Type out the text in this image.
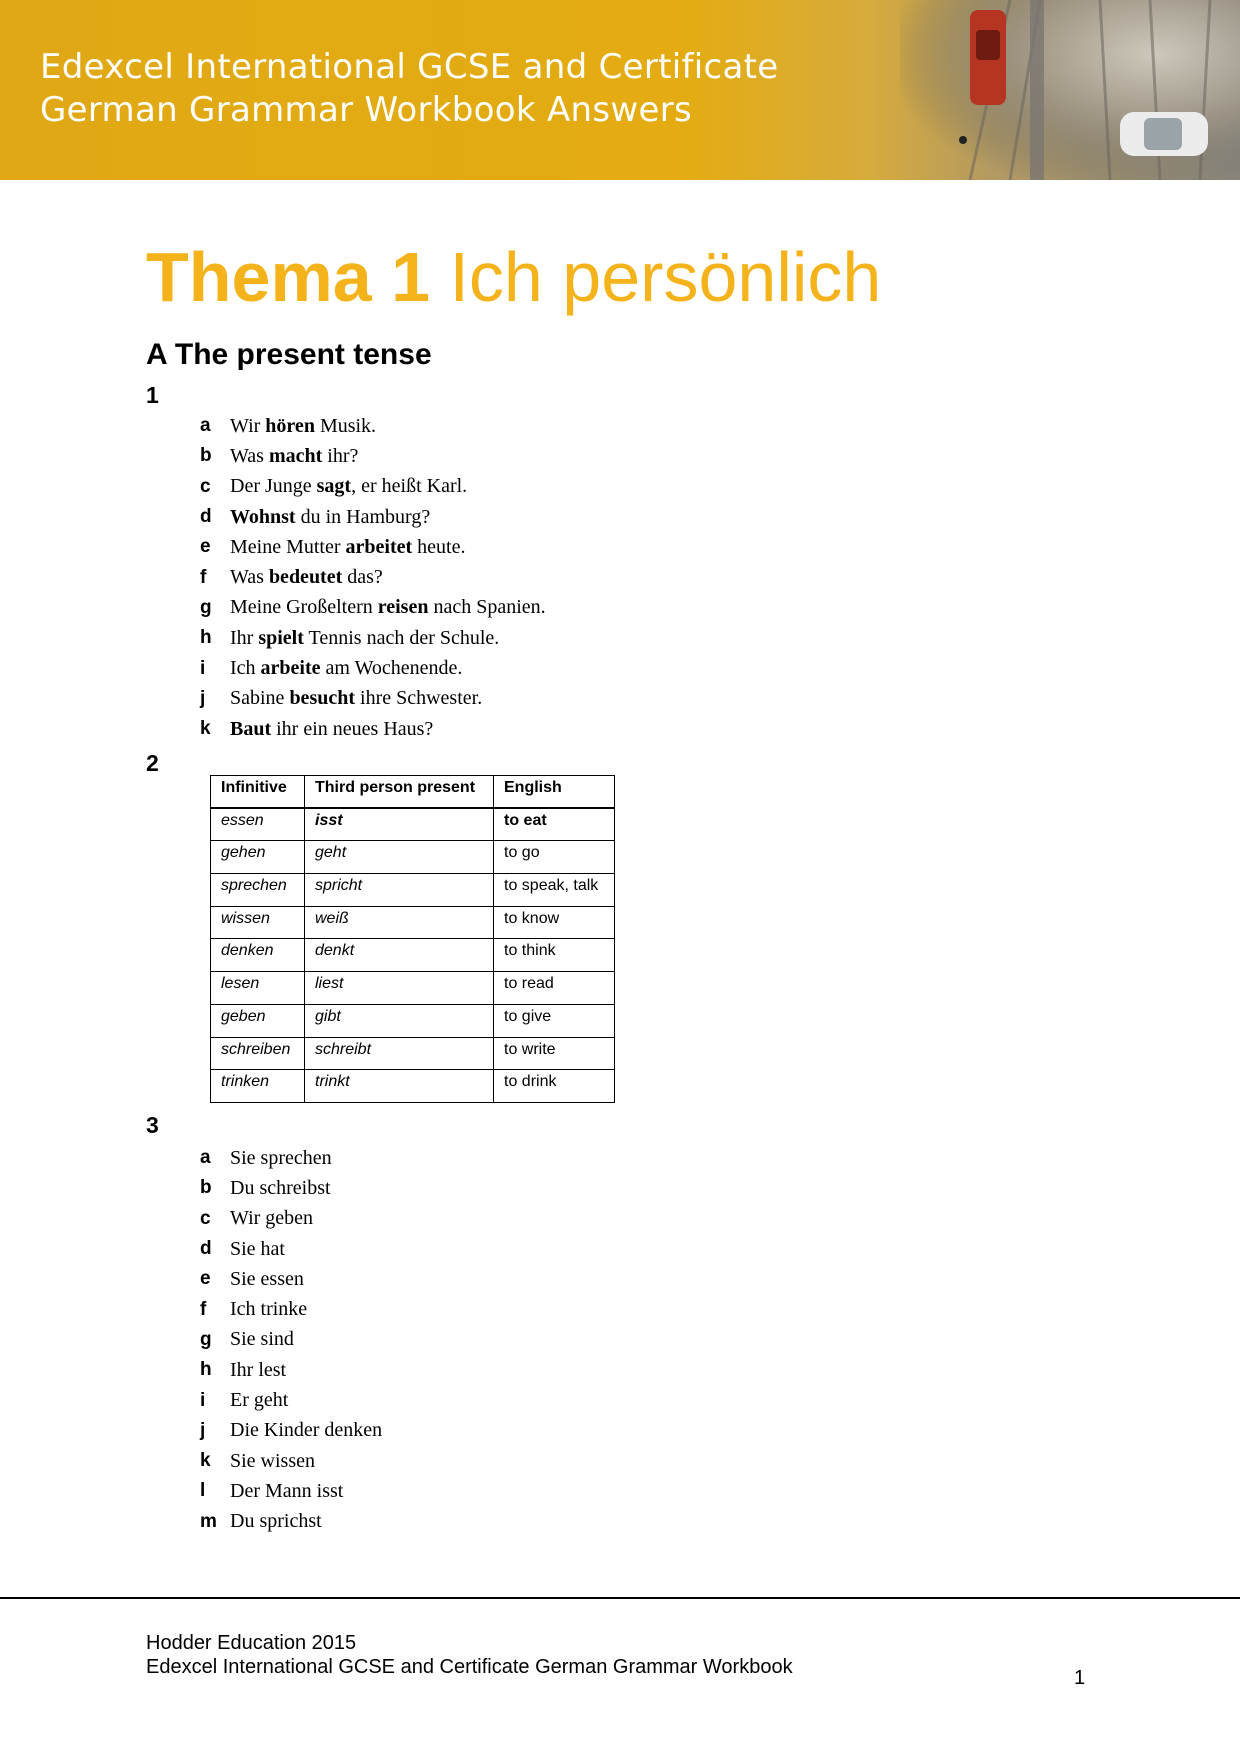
Edexcel International GCSE and Certificate
German Grammar Workbook Answers
Thema 1 Ich persönlich
A The present tense
1
a Wir hören Musik.
b Was macht ihr?
c Der Junge sagt, er heißt Karl.
d Wohnst du in Hamburg?
e Meine Mutter arbeitet heute.
f	Was bedeutet das?
g Meine Großeltern reisen nach Spanien.
h Ihr spielt Tennis nach der Schule.
i	Ich arbeite am Wochenende.
j	Sabine besucht ihre Schwester.
k Baut ihr ein neues Haus?
2
Infinitive	Third person present	English
essen	isst	to eat
gehen	geht	to go
sprechen	spricht	to speak, talk
wissen	weiß	to know
denken	denkt	to think
lesen	liest	to read
geben	gibt	to give
schreiben	schreibt	to write
trinken	trinkt	to drink
3
a Sie sprechen
b Du schreibst
c Wir geben
d Sie hat
e Sie essen
f	Ich trinke
g Sie sind
h Ihr lest
i	Er geht
j	Die Kinder denken
k Sie wissen
l	Der Mann isst
m Du sprichst
Hodder Education 2015
Edexcel International GCSE and Certificate German Grammar Workbook	1
